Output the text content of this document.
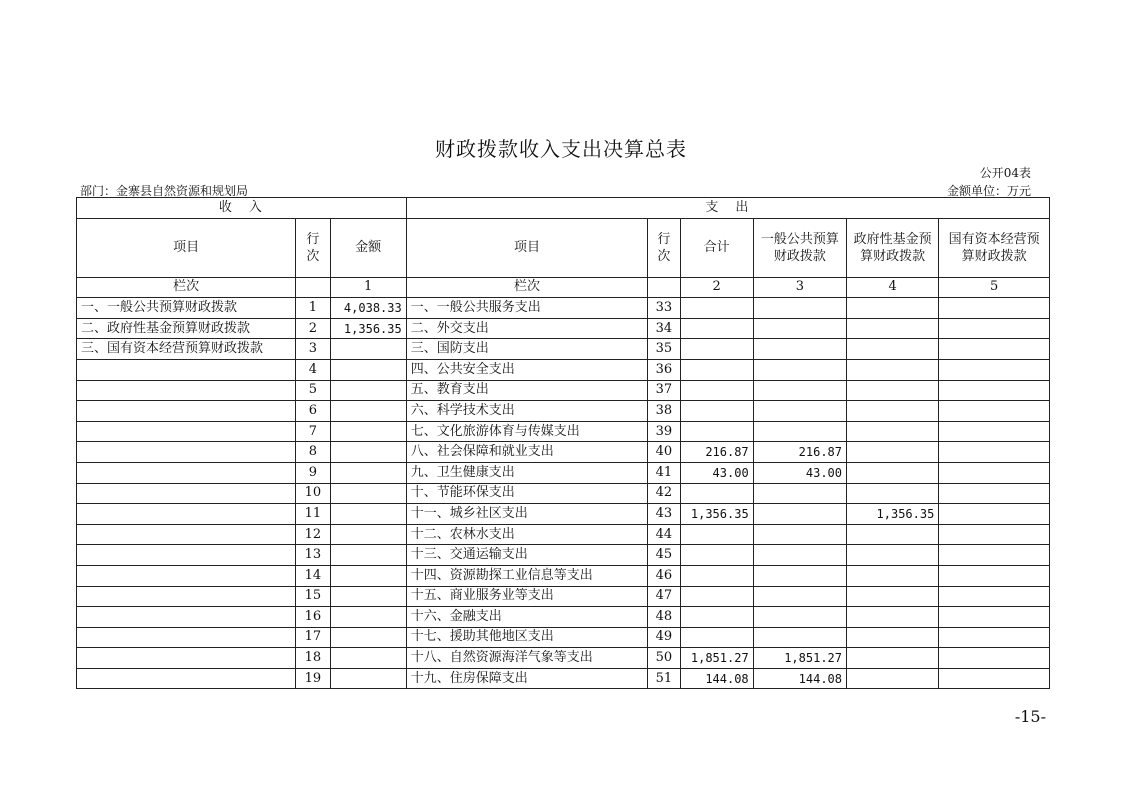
财政拨款收入支出决算总表
公开04表
部门：金寨县自然资源和规划局	金额单位：万元
收　入			支　出					
项目	行次	金额	项目	行次	合计	一般公共预算财政拨款	政府性基金预算财政拨款	国有资本经营预算财政拨款
栏次		1	栏次		2	3	4	5
一、一般公共预算财政拨款	1	4,038.33	一、一般公共服务支出	33				
二、政府性基金预算财政拨款	2	1,356.35	二、外交支出	34				
三、国有资本经营预算财政拨款	3		三、国防支出	35				
	4		四、公共安全支出	36				
	5		五、教育支出	37				
	6		六、科学技术支出	38				
	7		七、文化旅游体育与传媒支出	39				
	8		八、社会保障和就业支出	40	216.87	216.87		
	9		九、卫生健康支出	41	43.00	43.00		
	10		十、节能环保支出	42				
	11		十一、城乡社区支出	43	1,356.35		1,356.35	
	12		十二、农林水支出	44				
	13		十三、交通运输支出	45				
	14		十四、资源勘探工业信息等支出	46				
	15		十五、商业服务业等支出	47				
	16		十六、金融支出	48				
	17		十七、援助其他地区支出	49				
	18		十八、自然资源海洋气象等支出	50	1,851.27	1,851.27		
	19		十九、住房保障支出	51	144.08	144.08		
-15-
